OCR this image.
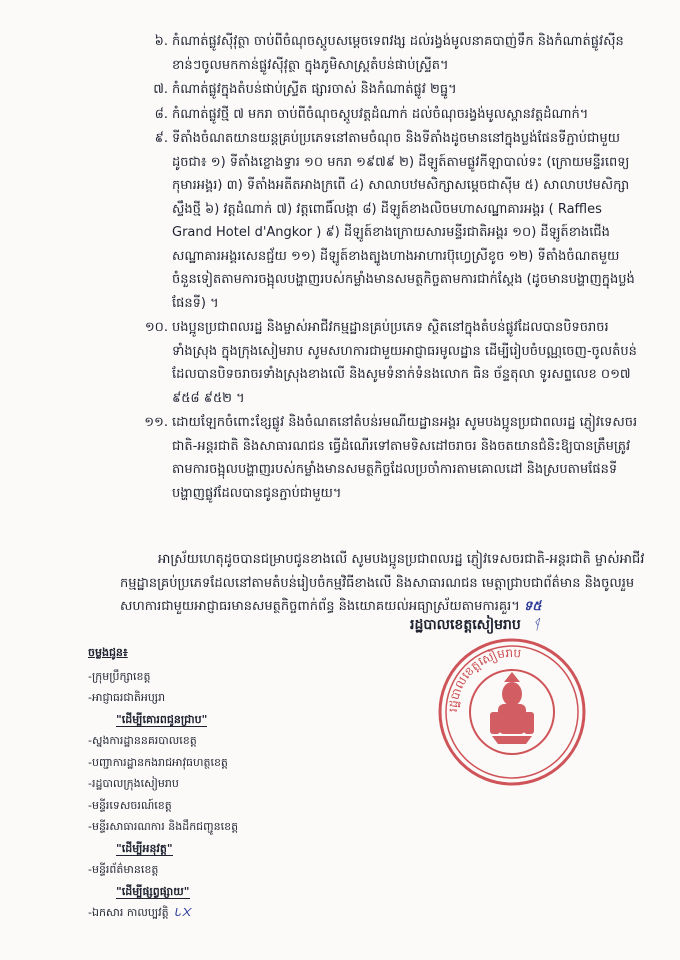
៦. កំណាត់ផ្លូវស៊ីវុត្ថា ចាប់ពីចំណុចស្តូបសម្តេចទេពវង្ស ដល់រង្វង់មូលនាគបាញ់ទឹក និងកំណាត់ផ្លូវស៊ីនខាន់ៗចូលមកកាន់ផ្លូវស៊ីវុត្ថា ក្នុងភូមិសាស្ត្រតំបន់ផាប់ស្រ្ទីត។
៧. កំណាត់ផ្លូវក្នុងតំបន់ផាប់ស្រ្ទីត ផ្សារចាស់ និងកំណាត់ផ្លូវ ២ធ្នូ។
៨. កំណាត់ផ្លូវថ្មី ៧ មករា ចាប់ពីចំណុចស្តូបវត្តដំណាក់ ដល់ចំណុចរង្វង់មូលស្ពានវត្តដំណាក់។
៩. ទីតាំងចំណតយានយន្តគ្រប់ប្រភេទនៅតាមចំណុច និងទីតាំងដូចមាននៅក្នុងប្លង់ផែនទីភ្ជាប់ជាមួយដូចជា៖ ១) ទីតាំងខ្លោងទ្វារ ១០ មករា ១៩៧៩ ២) ដីឡូត៍តាមផ្លូវកីឡាបាល់ទះ (ក្រោយមន្ទីរពេទ្យកុមារអង្គរ) ៣) ទីតាំងអតីតអាងក្រពើ ៤) សាលាបឋមសិក្សាសម្តេចជាស៊ីម ៥) សាលាបឋមសិក្សាស្ទឹងថ្មី ៦) វត្តដំណាក់ ៧) វត្តពោធិ៍លង្កា ៨) ដីឡូត៍ខាងលិចមហាសណ្ឋាគារអង្គរ ( Raffles Grand Hotel d'Angkor ) ៩) ដីឡូត៍ខាងក្រោយសារមន្ទីរជាតិអង្គរ ១០) ដីឡូត៍ខាងជើងសណ្ឋាគារអង្គរសេនជ្ជ័យ ១១) ដីឡូត៍ខាងត្បូងហាងអាហារប៊ុហ្វេស្រីខូច ១២) ទីតាំងចំណតមួយចំនួនទៀតតាមការចង្អុលបង្ហាញរបស់កម្លាំងមានសមត្ថកិច្ចតាមការជាក់ស្តែង (ដូចមានបង្ហាញក្នុងប្លង់ផែនទី) ។
១០. បងប្អូនប្រជាពលរដ្ឋ និងម្ចាស់អាជីវកម្មដ្ឋានគ្រប់ប្រភេទ ស្ថិតនៅក្នុងតំបន់ផ្លូវដែលបានបិទចរាចរទាំងស្រុង ក្នុងក្រុងសៀមរាប សូមសហការជាមួយអាជ្ញាធរមូលដ្ឋាន ដើម្បីរៀបចំបណ្ណចេញ-ចូលតំបន់ដែលបានបិទចរាចរទាំងស្រុងខាងលើ និងសូមទំនាក់ទំនងលោក ធិន ច័ន្ទតុលា ទូរសព្ទលេខ ០១៧ ៩៥៨ ៩៥២ ។
១១. ដោយឡែកចំពោះខ្សែផ្លូវ និងចំណតនៅតំបន់រមណីយដ្ឋានអង្គរ សូមបងប្អូនប្រជាពលរដ្ឋ ភ្ញៀវទេសចរជាតិ-អន្តរជាតិ និងសាធារណជន ធ្វើដំណើរទៅតាមទិសដៅចរាចរ និងចតយានជំនិះឱ្យបានត្រឹមត្រូវ តាមការចង្អុលបង្ហាញរបស់កម្លាំងមានសមត្ថកិច្ចដែលប្រចាំការតាមគោលដៅ និងស្របតាមផែនទីបង្ហាញផ្លូវដែលបានជូនភ្ជាប់ជាមួយ។
អាស្រ័យហេតុដូចបានជម្រាបជូនខាងលើ សូមបងប្អូនប្រជាពលរដ្ឋ ភ្ញៀវទេសចរជាតិ-អន្តរជាតិ ម្ចាស់អាជីវកម្មដ្ឋានគ្រប់ប្រភេទដែលនៅតាមតំបន់រៀបចំកម្មវិធីខាងលើ និងសាធារណជន មេត្តាជ្រាបជាព័ត៌មាន និងចូលរួមសហការជាមួយអាជ្ញាធរមានសមត្ថកិច្ចពាក់ព័ន្ធ និងយោគយល់អធ្យាស្រ័យតាមការគួរ។ ទ៥
រដ្ឋបាលខេត្តសៀមរាប ᛩ
រដ្ឋបាលខេត្តសៀមរាប
ចម្លងជូន៖
-ក្រុមប្រឹក្សាខេត្ត
-អាជ្ញាធរជាតិអប្សរា
"ដើម្បីគោរពជូនជ្រាប"
-ស្នងការដ្ឋាននគរបាលខេត្ត
-បញ្ជាការដ្ឋានកងរាជអាវុធហត្ថខេត្ត
-រដ្ឋបាលក្រុងសៀមរាប
-មន្ទីរទេសចរណ៍ខេត្ត
-មន្ទីរសាធារណការ និងដឹកជញ្ជូនខេត្ត
"ដើម្បីអនុវត្ត"
-មន្ទីរព័ត៌មានខេត្ត
"ដើម្បីផ្សព្វផ្សាយ"
-ឯកសារ កាលប្បវត្តិ ᒐ᙭
